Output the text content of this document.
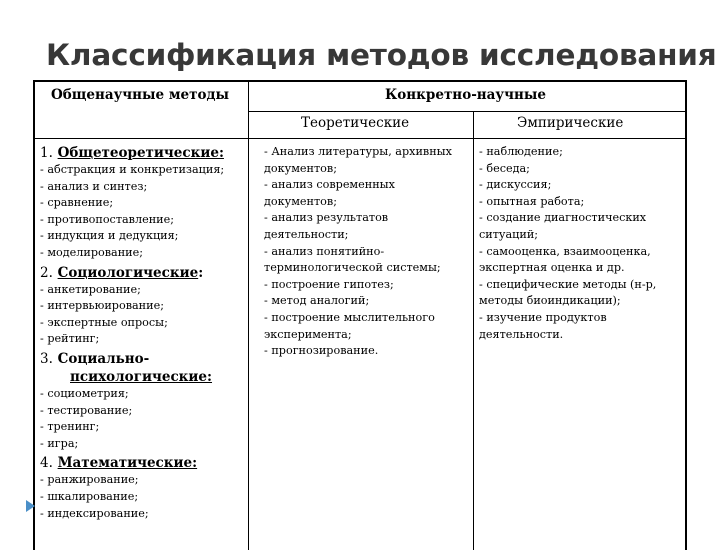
Классификация методов исследования
Общенаучные методы	Конкретно-научные
Теоретические	Эмпирические
1. Общетеоретические:
- абстракция и конкретизация;
- анализ и синтез;
- сравнение;
- противопоставление;
- индукция и дедукция;
- моделирование;
2. Социологические:
- анкетирование;
- интервьюирование;
- экспертные опросы;
- рейтинг;
3. Социально-
психологические:
- социометрия;
- тестирование;
- тренинг;
- игра;
4. Математические:
- ранжирование;
- шкалирование;
- индексирование;
- Анализ литературы, архивных
документов;
- анализ современных
документов;
- анализ результатов
деятельности;
- анализ понятийно-
терминологической системы;
- построение гипотез;
- метод аналогий;
- построение мыслительного
эксперимента;
- прогнозирование.
- наблюдение;
- беседа;
- дискуссия;
- опытная работа;
- создание диагностических
ситуаций;
- самооценка, взаимооценка,
экспертная оценка и др.
- специфические методы (н-р,
методы биоиндикации);
- изучение продуктов
деятельности.
